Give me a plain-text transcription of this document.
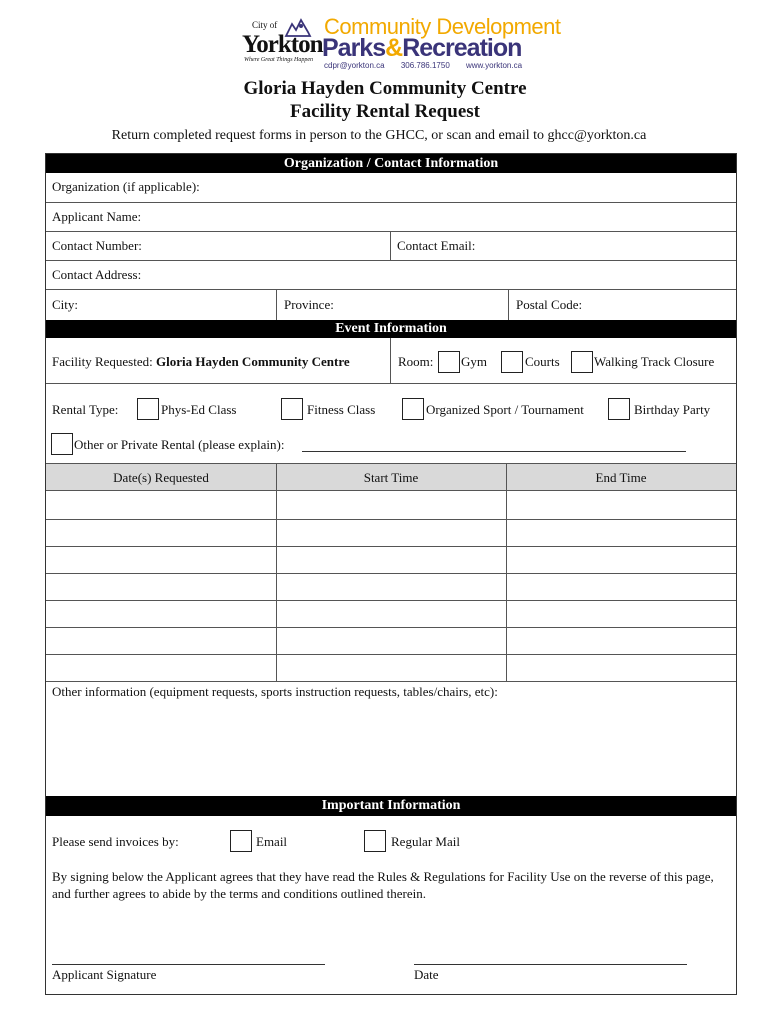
City of
Yorkton
Where Great Things Happen
Community Development
Parks&Recreation
cdpr@yorkton.ca 306.786.1750 www.yorkton.ca
Gloria Hayden Community Centre
Facility Rental Request
Return completed request forms in person to the GHCC, or scan and email to ghcc@yorkton.ca
Organization / Contact Information
Organization (if applicable):
Applicant Name:
Contact Number:	Contact Email:
Contact Address:
City:	Province:	Postal Code:
Event Information
Facility Requested: Gloria Hayden Community Centre	Room: Gym	Courts	Walking Track Closure
Rental Type:	Phys-Ed Class	Fitness Class	Organized Sport / Tournament	Birthday Party
Other or Private Rental (please explain):
Date(s) Requested	Start Time	End Time
Other information (equipment requests, sports instruction requests, tables/chairs, etc):
Important Information
Please send invoices by:	Email	Regular Mail
By signing below the Applicant agrees that they have read the Rules & Regulations for Facility Use on the reverse of this page, and further agrees to abide by the terms and conditions outlined therein.
Applicant Signature	Date
